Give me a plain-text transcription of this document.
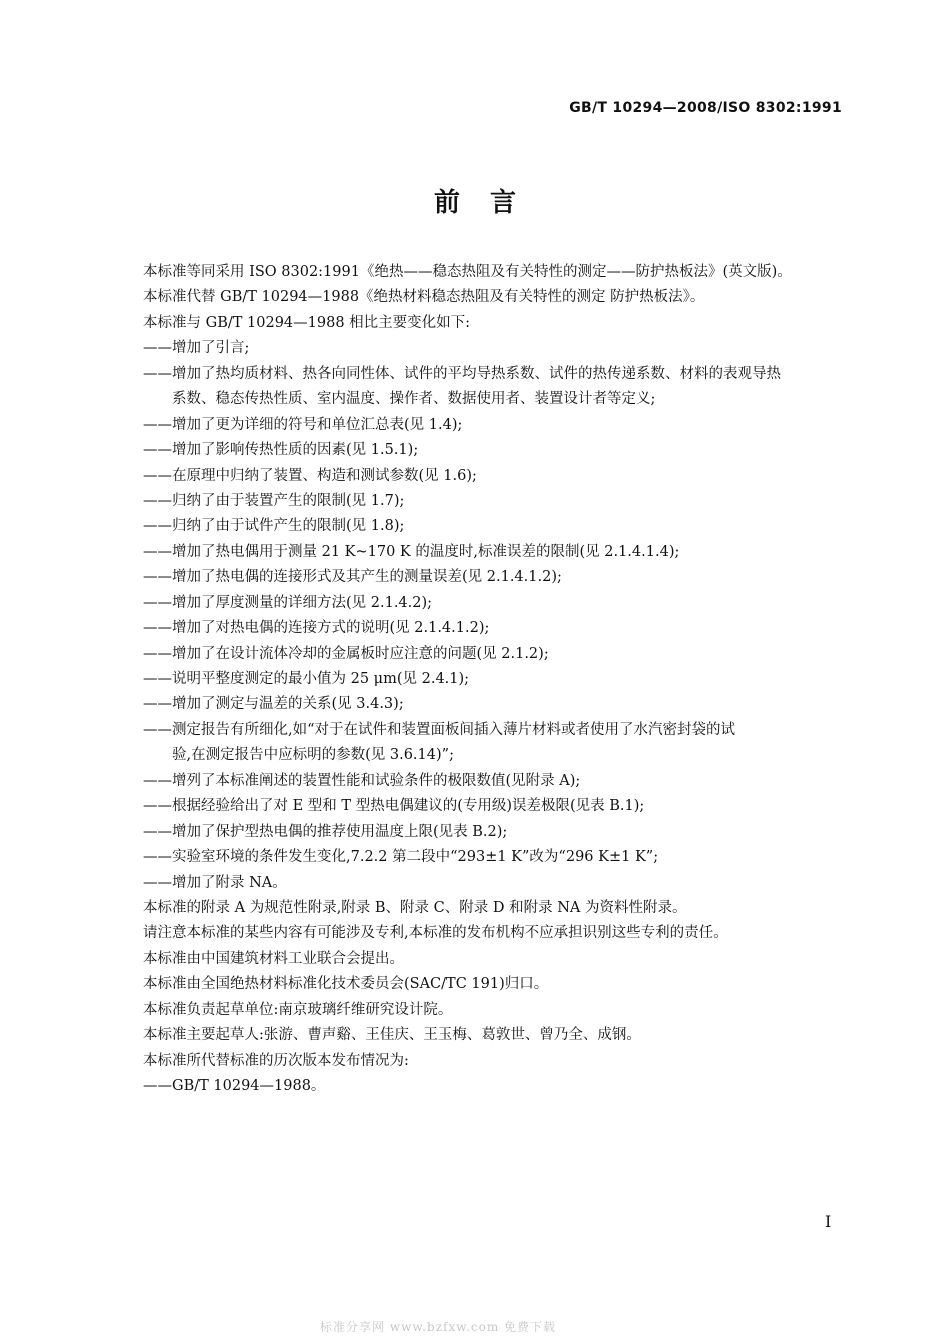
GB/T 10294—2008/ISO 8302:1991
前言
本标准等同采用 ISO 8302:1991《绝热——稳态热阻及有关特性的测定——防护热板法》(英文版)。
本标准代替 GB/T 10294—1988《绝热材料稳态热阻及有关特性的测定 防护热板法》。
本标准与 GB/T 10294—1988 相比主要变化如下:
——增加了引言;
——增加了热均质材料、热各向同性体、试件的平均导热系数、试件的热传递系数、材料的表观导热
系数、稳态传热性质、室内温度、操作者、数据使用者、装置设计者等定义;
——增加了更为详细的符号和单位汇总表(见 1.4);
——增加了影响传热性质的因素(见 1.5.1);
——在原理中归纳了装置、构造和测试参数(见 1.6);
——归纳了由于装置产生的限制(见 1.7);
——归纳了由于试件产生的限制(见 1.8);
——增加了热电偶用于测量 21 K~170 K 的温度时,标准误差的限制(见 2.1.4.1.4);
——增加了热电偶的连接形式及其产生的测量误差(见 2.1.4.1.2);
——增加了厚度测量的详细方法(见 2.1.4.2);
——增加了对热电偶的连接方式的说明(见 2.1.4.1.2);
——增加了在设计流体冷却的金属板时应注意的问题(见 2.1.2);
——说明平整度测定的最小值为 25 μm(见 2.4.1);
——增加了测定与温差的关系(见 3.4.3);
——测定报告有所细化,如“对于在试件和装置面板间插入薄片材料或者使用了水汽密封袋的试
验,在测定报告中应标明的参数(见 3.6.14)”;
——增列了本标准阐述的装置性能和试验条件的极限数值(见附录 A);
——根据经验给出了对 E 型和 T 型热电偶建议的(专用级)误差极限(见表 B.1);
——增加了保护型热电偶的推荐使用温度上限(见表 B.2);
——实验室环境的条件发生变化,7.2.2 第二段中“293±1 K”改为“296 K±1 K”;
——增加了附录 NA。
本标准的附录 A 为规范性附录,附录 B、附录 C、附录 D 和附录 NA 为资料性附录。
请注意本标准的某些内容有可能涉及专利,本标准的发布机构不应承担识别这些专利的责任。
本标准由中国建筑材料工业联合会提出。
本标准由全国绝热材料标准化技术委员会(SAC/TC 191)归口。
本标准负责起草单位:南京玻璃纤维研究设计院。
本标准主要起草人:张游、曹声谿、王佳庆、王玉梅、葛敦世、曾乃全、成钢。
本标准所代替标准的历次版本发布情况为:
——GB/T 10294—1988。
I
标准分享网 www.bzfxw.com 免费下载
